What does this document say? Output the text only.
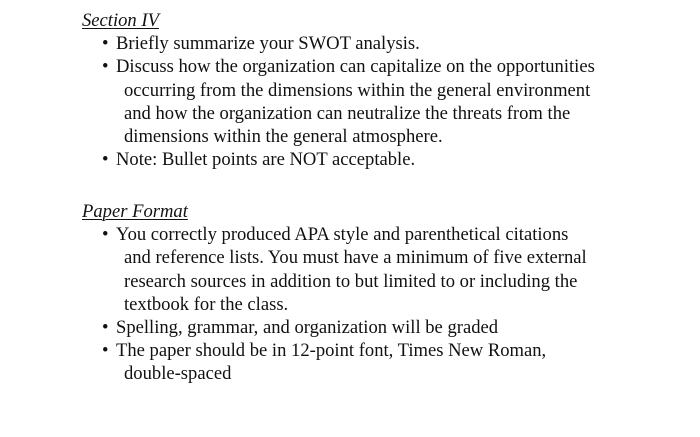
Section IV
• Briefly summarize your SWOT analysis.
• Discuss how the organization can capitalize on the opportunities
occurring from the dimensions within the general environment
and how the organization can neutralize the threats from the
dimensions within the general atmosphere.
• Note: Bullet points are NOT acceptable.
Paper Format
• You correctly produced APA style and parenthetical citations
and reference lists. You must have a minimum of five external
research sources in addition to but limited to or including the
textbook for the class.
• Spelling, grammar, and organization will be graded
• The paper should be in 12-point font, Times New Roman,
double-spaced
